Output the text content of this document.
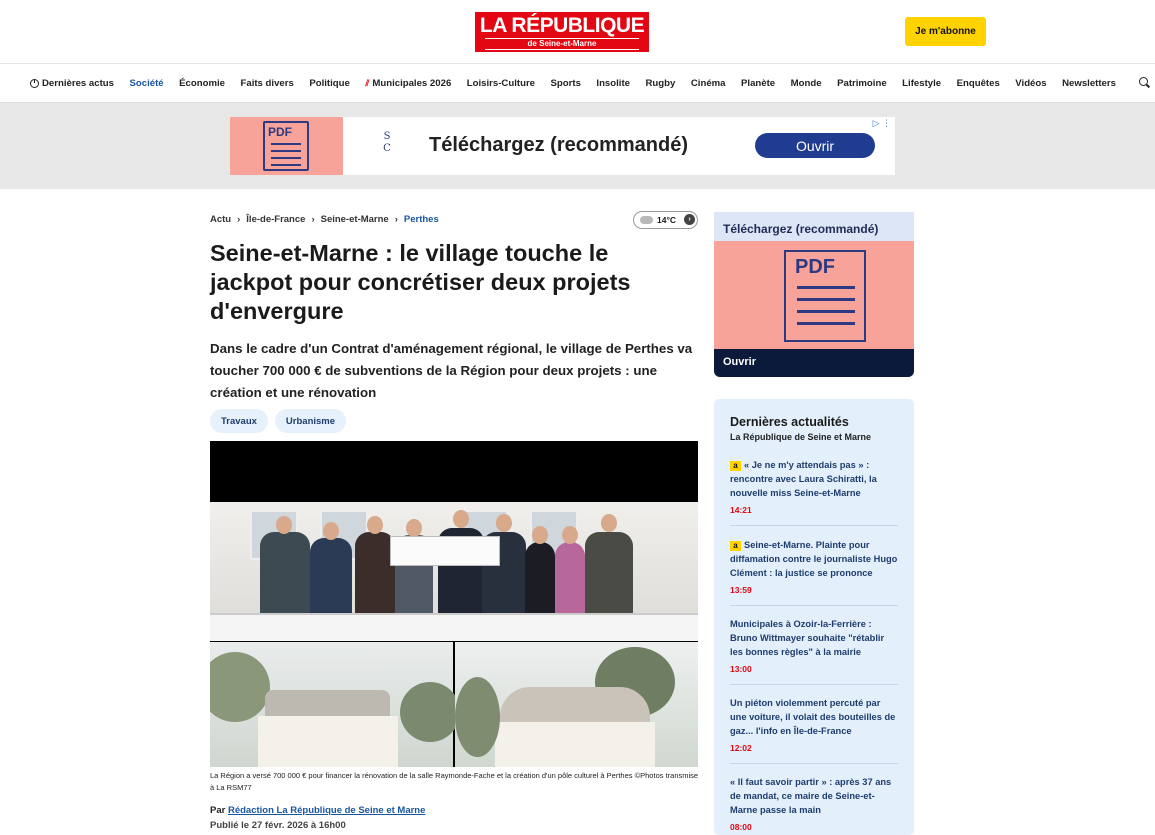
LA RÉPUBLIQUE
de Seine-et-Marne
Je m'abonne
Dernières actus Société Économie Faits divers Politique ⫽ Municipales 2026 Loisirs-Culture Sports Insolite Rugby Cinéma Planète Monde Patrimoine Lifestyle Enquêtes Vidéos Newsletters
PDF	S
C Téléchargez (recommandé)	Ouvrir
▷ ⋮
Actu › Île-de-France › Seine-et-Marne › Perthes	14°C	›
Seine-et-Marne : le village touche le jackpot pour concrétiser deux projets d'envergure

Dans le cadre d'un Contrat d'aménagement régional, le village de Perthes va toucher 700 000 € de subventions de la Région pour deux projets : une création et une rénovation

Travaux	Urbanisme
La Région a versé 700 000 € pour financer la rénovation de la salle Raymonde-Fache et la création d'un pôle culturel à Perthes ©Photos transmise à La RSM77
Par Rédaction La République de Seine et Marne
Publié le 27 févr. 2026 à 16h00
Téléchargez (recommandé)
PDF
Ouvrir
Dernières actualités
La République de Seine et Marne
a « Je ne m'y attendais pas » : rencontre avec Laura Schiratti, la nouvelle miss Seine-et-Marne
14:21
a Seine-et-Marne. Plainte pour diffamation contre le journaliste Hugo Clément : la justice se prononce
13:59
Municipales à Ozoir-la-Ferrière : Bruno Wittmayer souhaite "rétablir les bonnes règles" à la mairie
13:00
Un piéton violemment percuté par une voiture, il volait des bouteilles de gaz... l'info en Île-de-France
12:02
« Il faut savoir partir » : après 37 ans de mandat, ce maire de Seine-et-Marne passe la main
08:00
